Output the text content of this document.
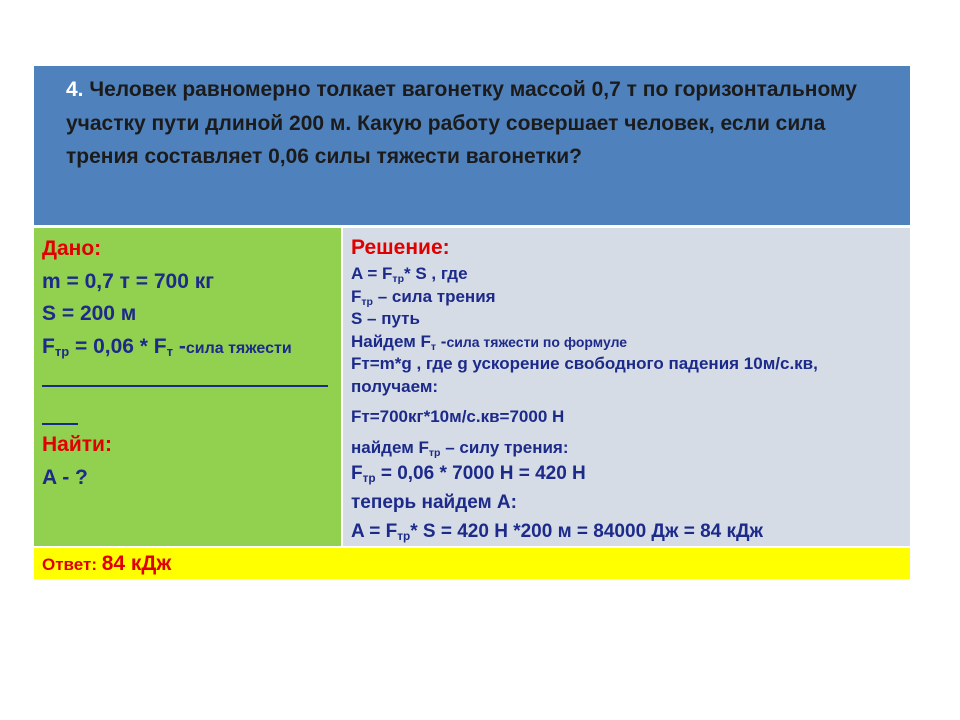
4. Человек равномерно толкает вагонетку массой 0,7 т по горизонтальному участку пути длиной 200 м. Какую работу совершает человек, если сила трения составляет 0,06 силы тяжести вагонетки?
Дано:
m = 0,7 т = 700 кг
S = 200 м
$F_{тр} = 0,06 * F_т$ -сила тяжести
Найти:
A - ?
Решение:
$A = F_{тр}*$ S , где
$F_{тр}$ – сила трения
S – путь
Найдем $F_т$ -сила тяжести по формуле
Fт=m*g , где g ускорение свободного падения 10м/с.кв,
получаем:
Fт=700кг*10м/с.кв=7000 Н
найдем $F_{тр}$ – силу трения:
$F_{тр} = 0,06 * 7000$ Н = 420 Н
теперь найдем А:
$A = F_{тр}*$ S = 420 Н *200 м = 84000 Дж = 84 кДж
Ответ: 84 кДж
